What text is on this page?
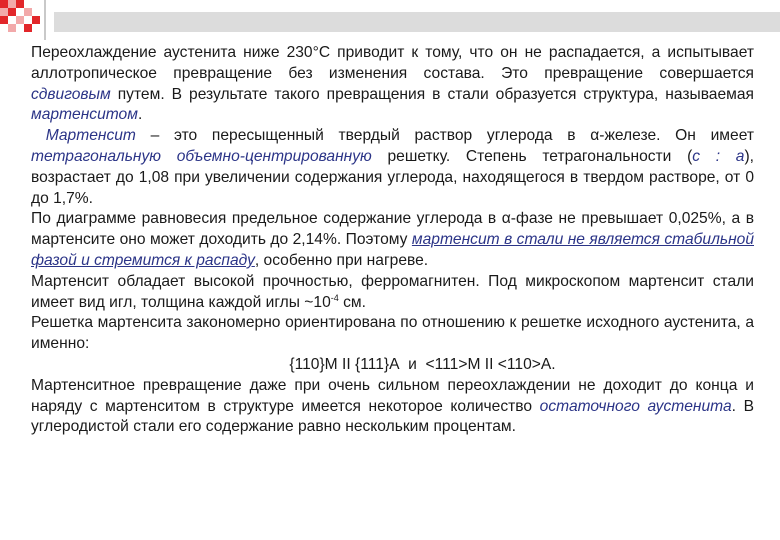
Переохлаждение аустенита ниже 230°С приводит к тому, что он не распадается, а испытывает аллотропическое превращение без изменения состава. Это превращение совершается сдвиговым путем. В результате такого превращения в стали образуется структура, называемая мартенситом.

Мартенсит – это пересыщенный твердый раствор углерода в α-железе. Он имеет тетрагональную объемно-центрированную решетку. Степень тетрагональности (с : а), возрастает до 1,08 при увеличении содержания углерода, находящегося в твердом растворе, от 0 до 1,7%.

По диаграмме равновесия предельное содержание углерода в α-фазе не превышает 0,025%, а в мартенсите оно может доходить до 2,14%. Поэтому мартенсит в стали не является стабильной фазой и стремится к распаду, особенно при нагреве.

Мартенсит обладает высокой прочностью, ферромагнитен. Под микроскопом мартенсит стали имеет вид игл, толщина каждой иглы $\sim 10^{-4}$ см.

Решетка мартенсита закономерно ориентирована по отношению к решетке исходного аустенита, а именно:

{110}М II {111}А  и  <111>М II <110>А.

Мартенситное превращение даже при очень сильном переохлаждении не доходит до конца и наряду с мартенситом в структуре имеется некоторое количество остаточного аустенита. В углеродистой стали его содержание равно нескольким процентам.
